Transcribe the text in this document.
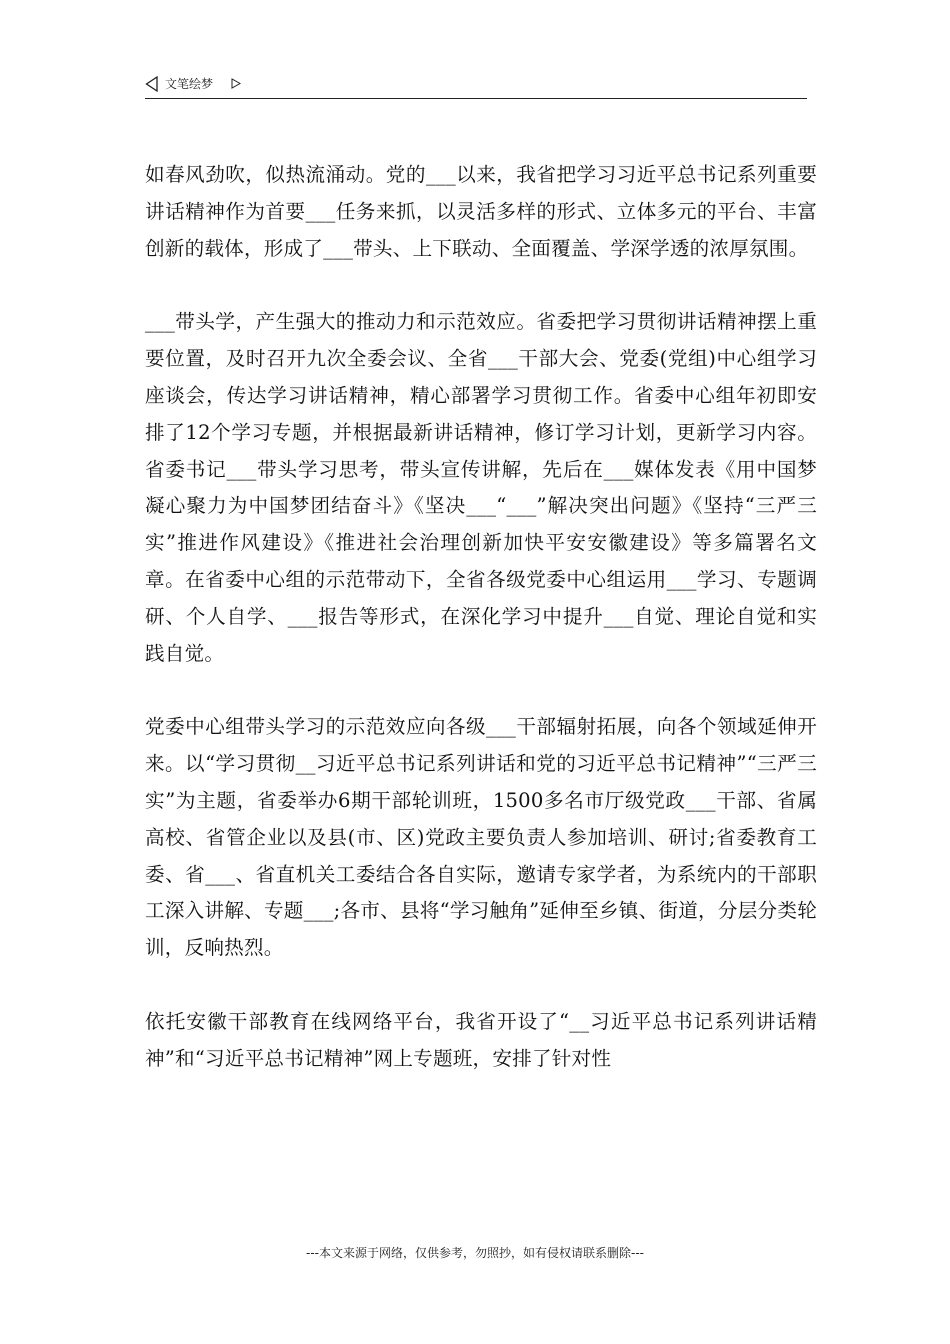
文笔绘梦

如春风劲吹，似热流涌动。党的___以来，我省把学习习近平总书记系列重要讲话精神作为首要___任务来抓，以灵活多样的形式、立体多元的平台、丰富创新的载体，形成了___带头、上下联动、全面覆盖、学深学透的浓厚氛围。

___带头学，产生强大的推动力和示范效应。省委把学习贯彻讲话精神摆上重要位置，及时召开九次全委会议、全省___干部大会、党委(党组)中心组学习座谈会，传达学习讲话精神，精心部署学习贯彻工作。省委中心组年初即安排了12个学习专题，并根据最新讲话精神，修订学习计划，更新学习内容。省委书记___带头学习思考，带头宣传讲解，先后在___媒体发表《用中国梦凝心聚力为中国梦团结奋斗》《坚决___“___”解决突出问题》《坚持“三严三实”推进作风建设》《推进社会治理创新加快平安安徽建设》等多篇署名文章。在省委中心组的示范带动下，全省各级党委中心组运用___学习、专题调研、个人自学、___报告等形式，在深化学习中提升___自觉、理论自觉和实践自觉。

党委中心组带头学习的示范效应向各级___干部辐射拓展，向各个领域延伸开来。以“学习贯彻__习近平总书记系列讲话和党的习近平总书记精神”“三严三实”为主题，省委举办6期干部轮训班，1500多名市厅级党政___干部、省属高校、省管企业以及县(市、区)党政主要负责人参加培训、研讨;省委教育工委、省___、省直机关工委结合各自实际，邀请专家学者，为系统内的干部职工深入讲解、专题___;各市、县将“学习触角”延伸至乡镇、街道，分层分类轮训，反响热烈。

依托安徽干部教育在线网络平台，我省开设了“__习近平总书记系列讲话精神”和“习近平总书记精神”网上专题班，安排了针对性

---本文来源于网络，仅供参考，勿照抄，如有侵权请联系删除---
